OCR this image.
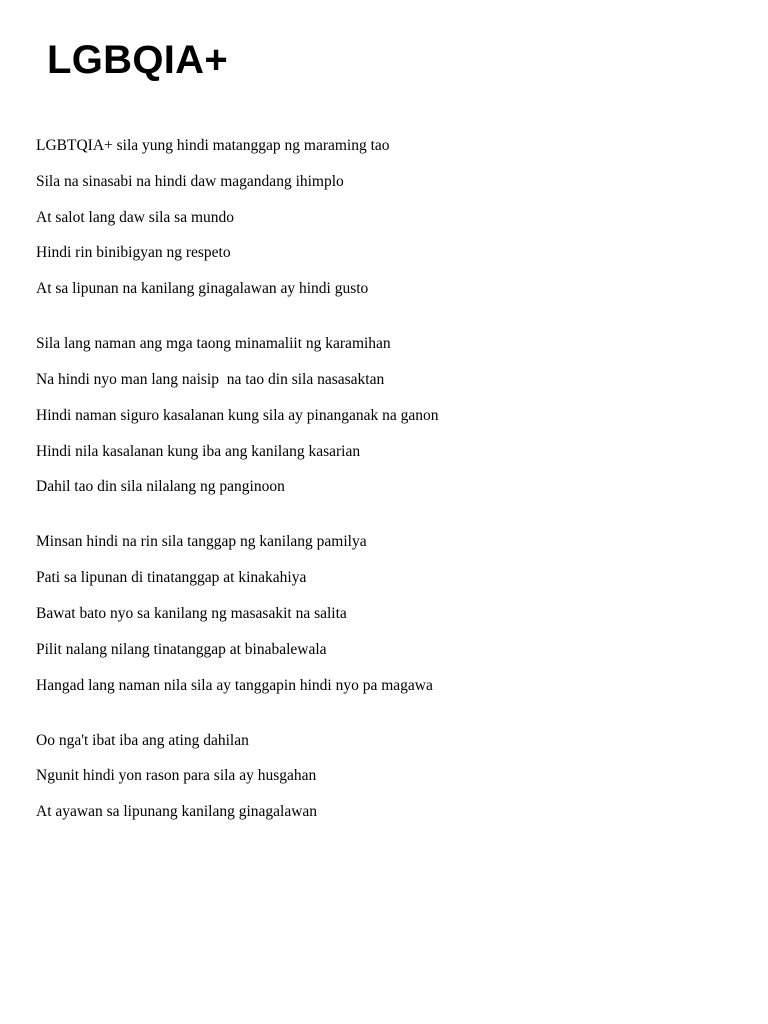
LGBQIA+
LGBTQIA+ sila yung hindi matanggap ng maraming tao
Sila na sinasabi na hindi daw magandang ihimplo
At salot lang daw sila sa mundo
Hindi rin binibigyan ng respeto
At sa lipunan na kanilang ginagalawan ay hindi gusto
Sila lang naman ang mga taong minamaliit ng karamihan
Na hindi nyo man lang naisip  na tao din sila nasasaktan
Hindi naman siguro kasalanan kung sila ay pinanganak na ganon
Hindi nila kasalanan kung iba ang kanilang kasarian
Dahil tao din sila nilalang ng panginoon
Minsan hindi na rin sila tanggap ng kanilang pamilya
Pati sa lipunan di tinatanggap at kinakahiya
Bawat bato nyo sa kanilang ng masasakit na salita
Pilit nalang nilang tinatanggap at binabalewala
Hangad lang naman nila sila ay tanggapin hindi nyo pa magawa
Oo nga't ibat iba ang ating dahilan
Ngunit hindi yon rason para sila ay husgahan
At ayawan sa lipunang kanilang ginagalawan
